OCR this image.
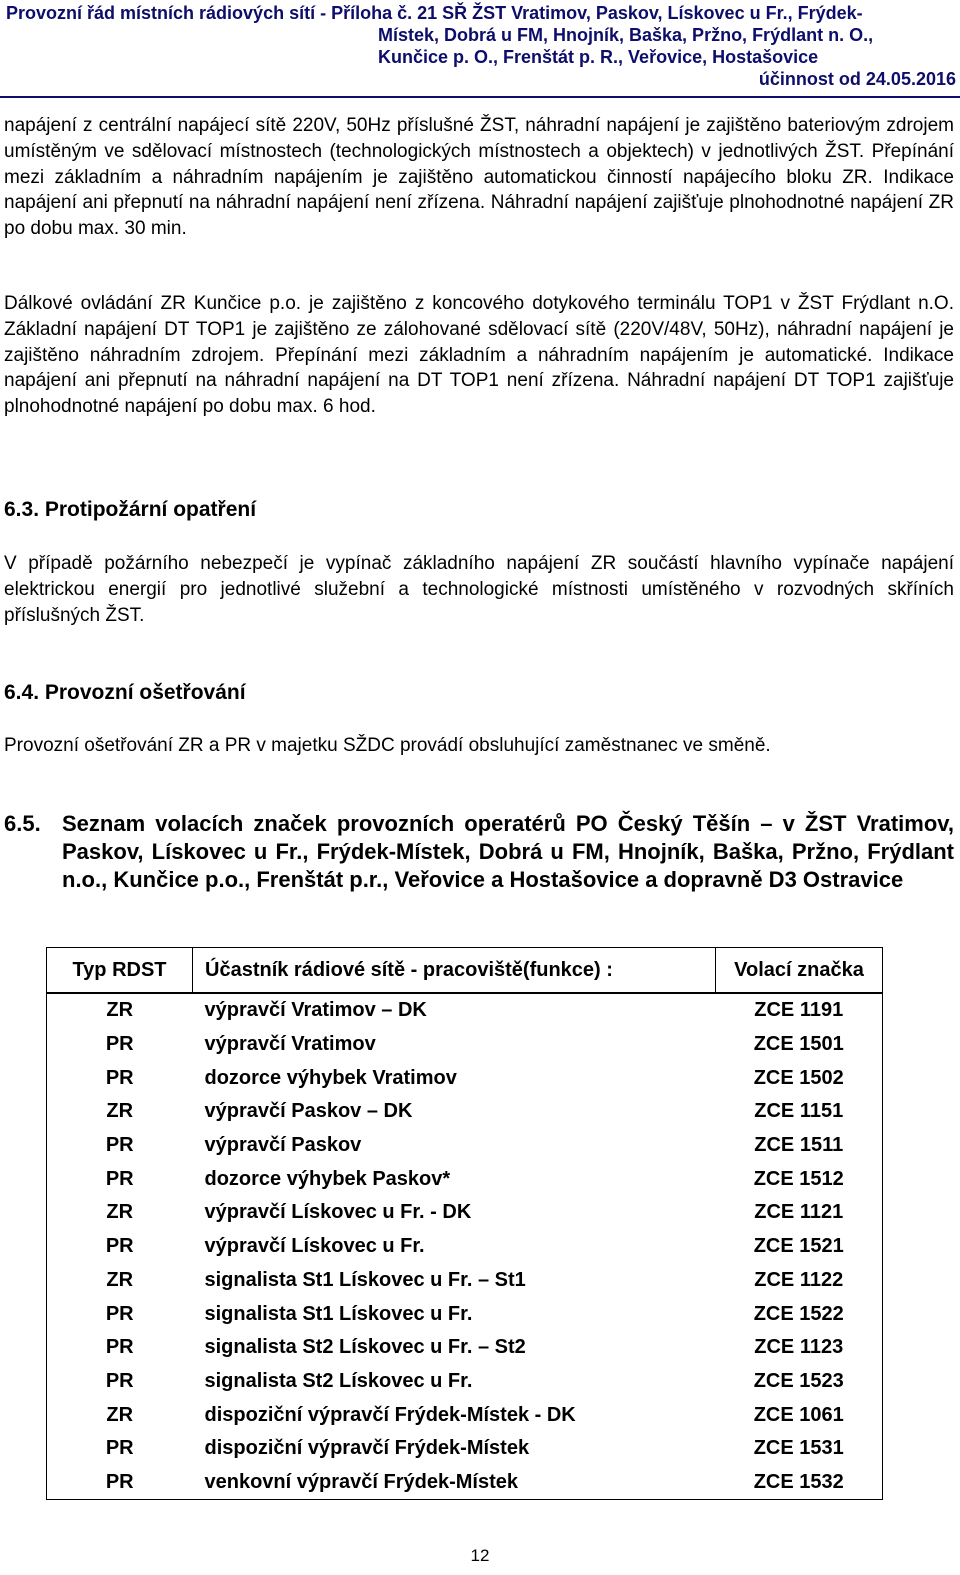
Provozní řád místních rádiových sítí - Příloha č. 21 SŘ ŽST Vratimov, Paskov, Lískovec u Fr., Frýdek-
Místek, Dobrá u FM, Hnojník, Baška, Pržno, Frýdlant n. O.,
Kunčice p. O., Frenštát p. R., Veřovice, Hostašovice
účinnost od 24.05.2016
napájení z centrální napájecí sítě 220V, 50Hz příslušné ŽST, náhradní napájení je zajištěno bateriovým zdrojem umístěným ve sdělovací místnostech (technologických místnostech a objektech) v jednotlivých ŽST. Přepínání mezi základním a náhradním napájením je zajištěno automatickou činností napájecího bloku ZR. Indikace napájení ani přepnutí na náhradní napájení není zřízena. Náhradní napájení zajišťuje plnohodnotné napájení ZR po dobu max. 30 min.
Dálkové ovládání ZR Kunčice p.o. je zajištěno z koncového dotykového terminálu TOP1 v ŽST Frýdlant n.O. Základní napájení DT TOP1 je zajištěno ze zálohované sdělovací sítě (220V/48V, 50Hz), náhradní napájení je zajištěno náhradním zdrojem. Přepínání mezi základním a náhradním napájením je automatické. Indikace napájení ani přepnutí na náhradní napájení na DT TOP1 není zřízena. Náhradní napájení DT TOP1 zajišťuje plnohodnotné napájení po dobu max. 6 hod.
6.3. Protipožární opatření
V případě požárního nebezpečí je vypínač základního napájení ZR součástí hlavního vypínače napájení elektrickou energií pro jednotlivé služební a technologické místnosti umístěného v rozvodných skříních příslušných ŽST.
6.4. Provozní ošetřování
Provozní ošetřování ZR a PR v majetku SŽDC provádí obsluhující zaměstnanec ve směně.
6.5. Seznam volacích značek provozních operatérů PO Český Těšín – v ŽST Vratimov, Paskov, Lískovec u Fr., Frýdek-Místek, Dobrá u FM, Hnojník, Baška, Pržno, Frýdlant n.o., Kunčice p.o., Frenštát p.r., Veřovice a Hostašovice a dopravně D3 Ostravice
Typ RDST	Účastník rádiové sítě - pracoviště(funkce) :	Volací značka
ZR	výpravčí Vratimov – DK	ZCE 1191
PR	výpravčí Vratimov	ZCE 1501
PR	dozorce výhybek Vratimov	ZCE 1502
ZR	výpravčí Paskov – DK	ZCE 1151
PR	výpravčí Paskov	ZCE 1511
PR	dozorce výhybek Paskov*	ZCE 1512
ZR	výpravčí Lískovec u Fr. - DK	ZCE 1121
PR	výpravčí Lískovec u Fr.	ZCE 1521
ZR	signalista St1 Lískovec u Fr. – St1	ZCE 1122
PR	signalista St1 Lískovec u Fr.	ZCE 1522
PR	signalista St2 Lískovec u Fr. – St2	ZCE 1123
PR	signalista St2 Lískovec u Fr.	ZCE 1523
ZR	dispoziční výpravčí Frýdek-Místek - DK	ZCE 1061
PR	dispoziční výpravčí Frýdek-Místek	ZCE 1531
PR	venkovní výpravčí Frýdek-Místek	ZCE 1532
12
